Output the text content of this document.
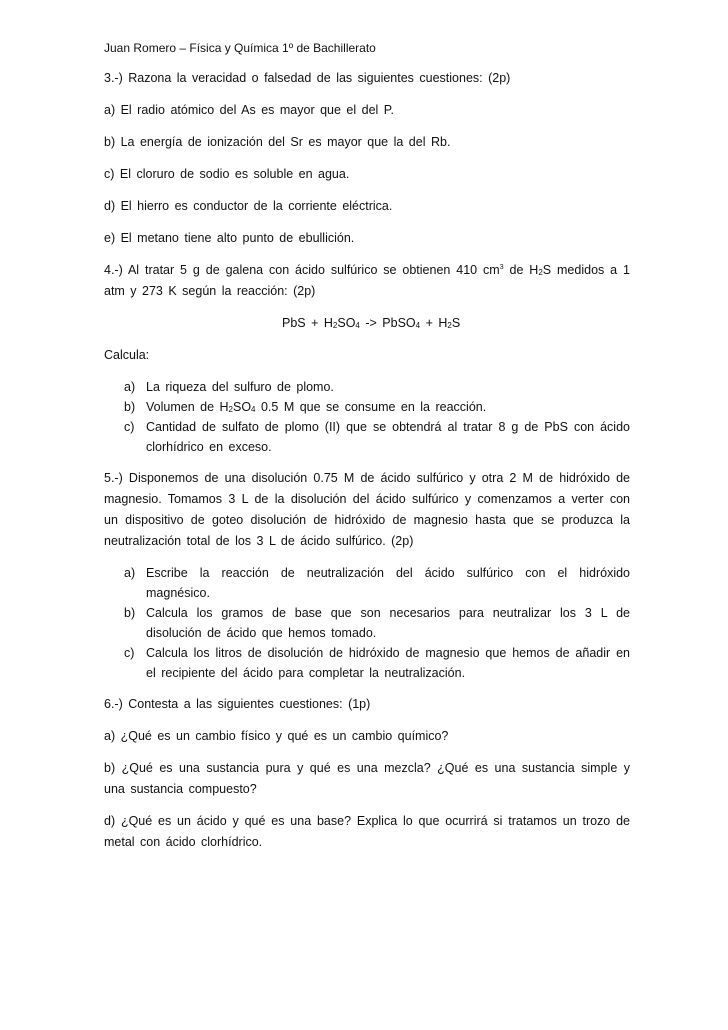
Juan Romero – Física y Química 1º de Bachillerato

3.-) Razona la veracidad o falsedad de las siguientes cuestiones: (2p)

a) El radio atómico del As es mayor que el del P.

b) La energía de ionización del Sr es mayor que la del Rb.

c) El cloruro de sodio es soluble en agua.

d) El hierro es conductor de la corriente eléctrica.

e) El metano tiene alto punto de ebullición.

4.-) Al tratar 5 g de galena con ácido sulfúrico se obtienen 410 $cm^3$ de $H_2S$ medidos a 1 atm y 273 K según la reacción: (2p)

PbS + $H_2SO_4$ -> PbSO$_4$ + $H_2S$

Calcula:

a) La riqueza del sulfuro de plomo.
b) Volumen de $H_2SO_4$ 0.5 M que se consume en la reacción.
c) Cantidad de sulfato de plomo (II) que se obtendrá al tratar 8 g de PbS con ácido clorhídrico en exceso.

5.-) Disponemos de una disolución 0.75 M de ácido sulfúrico y otra 2 M de hidróxido de magnesio. Tomamos 3 L de la disolución del ácido sulfúrico y comenzamos a verter con un dispositivo de goteo disolución de hidróxido de magnesio hasta que se produzca la neutralización total de los 3 L de ácido sulfúrico. (2p)

a) Escribe la reacción de neutralización del ácido sulfúrico con el hidróxido magnésico.
b) Calcula los gramos de base que son necesarios para neutralizar los 3 L de disolución de ácido que hemos tomado.
c) Calcula los litros de disolución de hidróxido de magnesio que hemos de añadir en el recipiente del ácido para completar la neutralización.

6.-) Contesta a las siguientes cuestiones: (1p)

a) ¿Qué es un cambio físico y qué es un cambio químico?

b) ¿Qué es una sustancia pura y qué es una mezcla? ¿Qué es una sustancia simple y una sustancia compuesto?

d) ¿Qué es un ácido y qué es una base? Explica lo que ocurrirá si tratamos un trozo de metal con ácido clorhídrico.
